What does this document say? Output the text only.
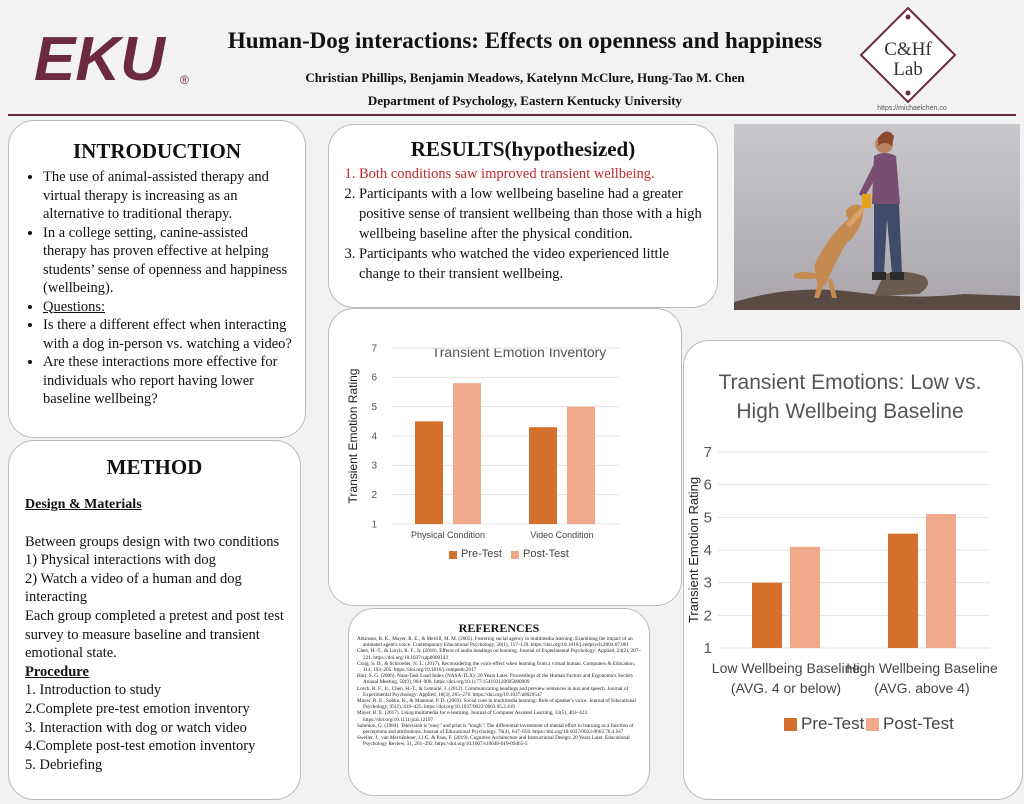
EKU ®
Human-Dog interactions: Effects on openness and happiness
Christian Phillips, Benjamin Meadows, Katelynn McClure, Hung-Tao M. Chen
Department of Psychology, Eastern Kentucky University
C&Hf
Lab
https://michaelchen.co
INTRODUCTION
• The use of animal-assisted therapy and virtual therapy is increasing as an alternative to traditional therapy.
• In a college setting, canine-assisted therapy has proven effective at helping students’ sense of openness and happiness (wellbeing).
• Questions:
• Is there a different effect when interacting with a dog in-person vs. watching a video?
• Are these interactions more effective for individuals who report having lower baseline wellbeing?
METHOD
Design & Materials
Between groups design with two conditions
1) Physical interactions with dog
2) Watch a video of a human and dog interacting
Each group completed a pretest and post test survey to measure baseline and transient emotional state.
Procedure
1. Introduction to study
2.Complete pre-test emotion inventory
3. Interaction with dog or watch video
4.Complete post-test emotion inventory
5. Debriefing
RESULTS(hypothesized)
1. Both conditions saw improved transient wellbeing.
2. Participants with a low wellbeing baseline had a greater positive sense of transient wellbeing than those with a high wellbeing baseline after the physical condition.
3. Participants who watched the video experienced little change to their transient wellbeing.
Transient Emotion Inventory
Transient Emotion Rating
1
2
3
4
5
6
7
Physical Condition	Video Condition
Pre-Test Post-Test
REFERENCES
Atkinson, R. K., Mayer, R. E., & Merrill, M. M. (2005). Fostering social agency in multimedia learning: Examining the impact of an animated agent's voice. Contemporary Educational Psychology, 30(1), 117–139. https://doi.org/10.1016/j.cedpsych.2004.07.001
Chen, H.-T., & Lorch, R. F., Jr. (2018). Effects of audio headings on learning. Journal of Experimental Psychology: Applied, 24(2), 207–221. https://doi.org/10.1037/xap0000143
Craig, S. D., & Schroeder, N. L. (2017). Reconsidering the voice effect when learning from a virtual human. Computers & Education, 114, 193–205. https://doi.org/10.1016/j.compedu.2017
Hart, S. G. (2006). Nasa-Task Load Index (NASA-TLX); 20 Years Later. Proceedings of the Human Factors and Ergonomics Society Annual Meeting, 50(9), 904–908. https://doi.org/10.1177/154193120605000909
Lorch, R. F., Jr., Chen, H.-T., & Lemarié, J. (2012). Communicating headings and preview sentences in text and speech. Journal of Experimental Psychology: Applied, 18(3), 265–276. https://doi.org/10.1037/a0029547
Mayer, R. E., Sobko, K., & Mautone, P. D. (2003). Social cues in multimedia learning: Role of speaker's voice. Journal of Educational Psychology, 95(2), 419–425. https://doi.org/10.1037/0022-0663.95.2.419
Mayer, R. E. (2017). Using multimedia for e-learning. Journal of Computer Assisted Learning, 33(5), 403–423. https://doi.org/10.1111/jcal.12197
Salomon, G. (1984). Television is "easy" and print is "tough": The differential investment of mental effort in learning as a function of perceptions and attributions. Journal of Educational Psychology, 76(4), 647–658. https://doi.org/10.1037/0022-0663.76.4.647
Sweller, J., van Merriënboer, J.J.G. & Paas, F. (2019). Cognitive Architecture and Instructional Design: 20 Years Later. Educational Psychology Review, 31, 261–292. https://doi.org/10.1007/s10648-019-09465-5
Transient Emotions: Low vs.
High Wellbeing Baseline
Transient Emotion Rating
1
2
3
4
5
6
7
Low Wellbeing Baseline
(AVG. 4 or below)
High Wellbeing Baseline
(AVG. above 4)
Pre-Test Post-Test
